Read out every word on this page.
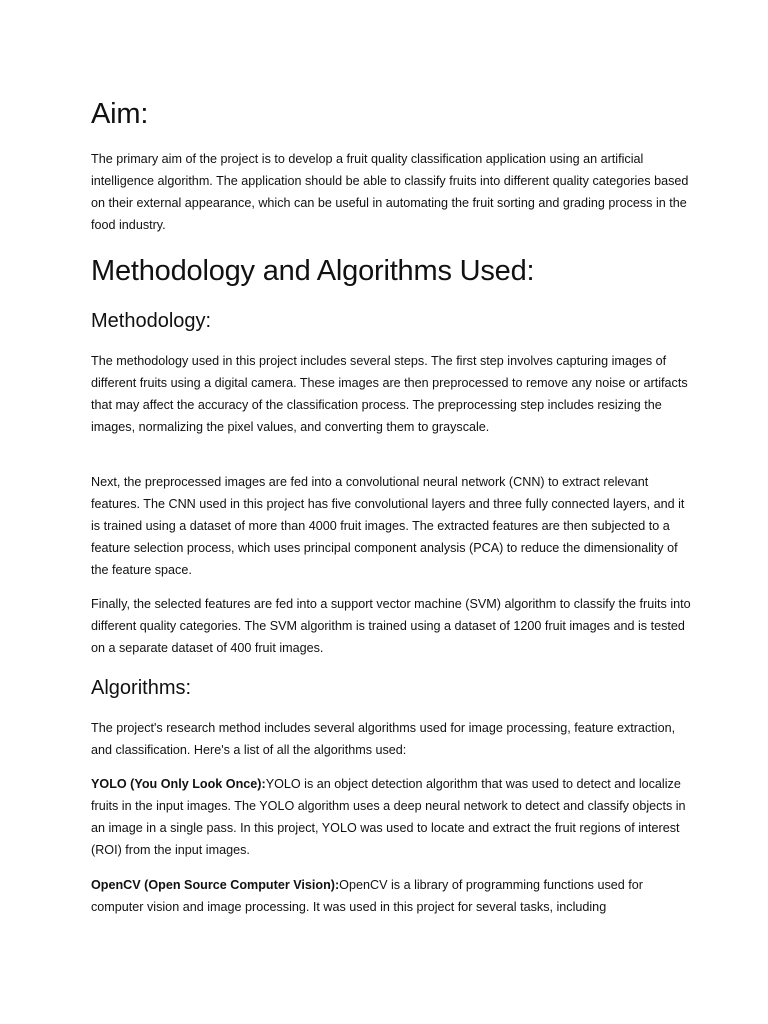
Aim:

The primary aim of the project is to develop a fruit quality classification application using an artificial intelligence algorithm. The application should be able to classify fruits into different quality categories based on their external appearance, which can be useful in automating the fruit sorting and grading process in the food industry.

Methodology and Algorithms Used:
Methodology:

The methodology used in this project includes several steps. The first step involves capturing images of different fruits using a digital camera. These images are then preprocessed to remove any noise or artifacts that may affect the accuracy of the classification process. The preprocessing step includes resizing the images, normalizing the pixel values, and converting them to grayscale.

Next, the preprocessed images are fed into a convolutional neural network (CNN) to extract relevant features. The CNN used in this project has five convolutional layers and three fully connected layers, and it is trained using a dataset of more than 4000 fruit images. The extracted features are then subjected to a feature selection process, which uses principal component analysis (PCA) to reduce the dimensionality of the feature space.

Finally, the selected features are fed into a support vector machine (SVM) algorithm to classify the fruits into different quality categories. The SVM algorithm is trained using a dataset of 1200 fruit images and is tested on a separate dataset of 400 fruit images.

Algorithms:

The project's research method includes several algorithms used for image processing, feature extraction, and classification. Here's a list of all the algorithms used:

YOLO (You Only Look Once):YOLO is an object detection algorithm that was used to detect and localize fruits in the input images. The YOLO algorithm uses a deep neural network to detect and classify objects in an image in a single pass. In this project, YOLO was used to locate and extract the fruit regions of interest (ROI) from the input images.

OpenCV (Open Source Computer Vision):OpenCV is a library of programming functions used for computer vision and image processing. It was used in this project for several tasks, including
